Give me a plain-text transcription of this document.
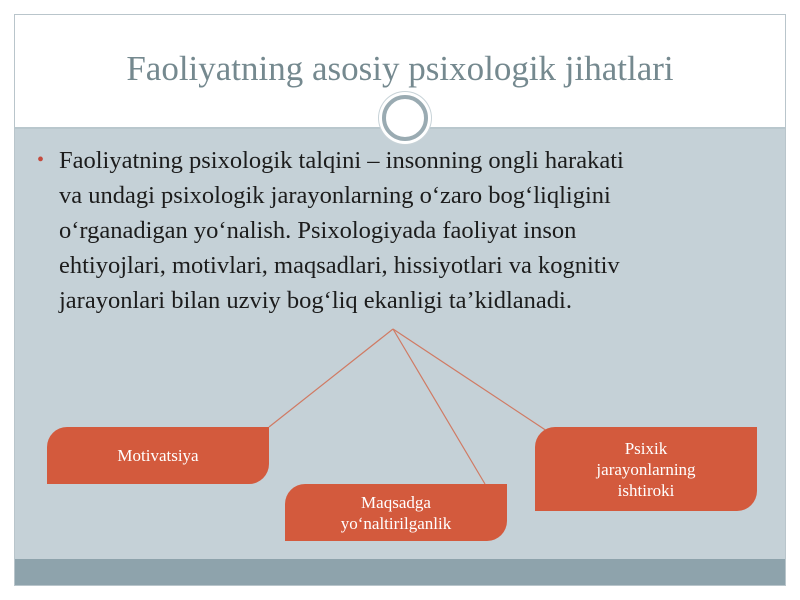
Faoliyatning asosiy psixologik jihatlari
• Faoliyatning psixologik talqini – insonning ongli harakati
va undagi psixologik jarayonlarning o‘zaro bog‘liqligini
o‘rganadigan yo‘nalish. Psixologiyada faoliyat inson
ehtiyojlari, motivlari, maqsadlari, hissiyotlari va kognitiv
jarayonlari bilan uzviy bog‘liq ekanligi ta’kidlanadi.
Motivatsiya
Maqsadga
yo‘naltirilganlik
Psixik
jarayonlarning
ishtiroki
